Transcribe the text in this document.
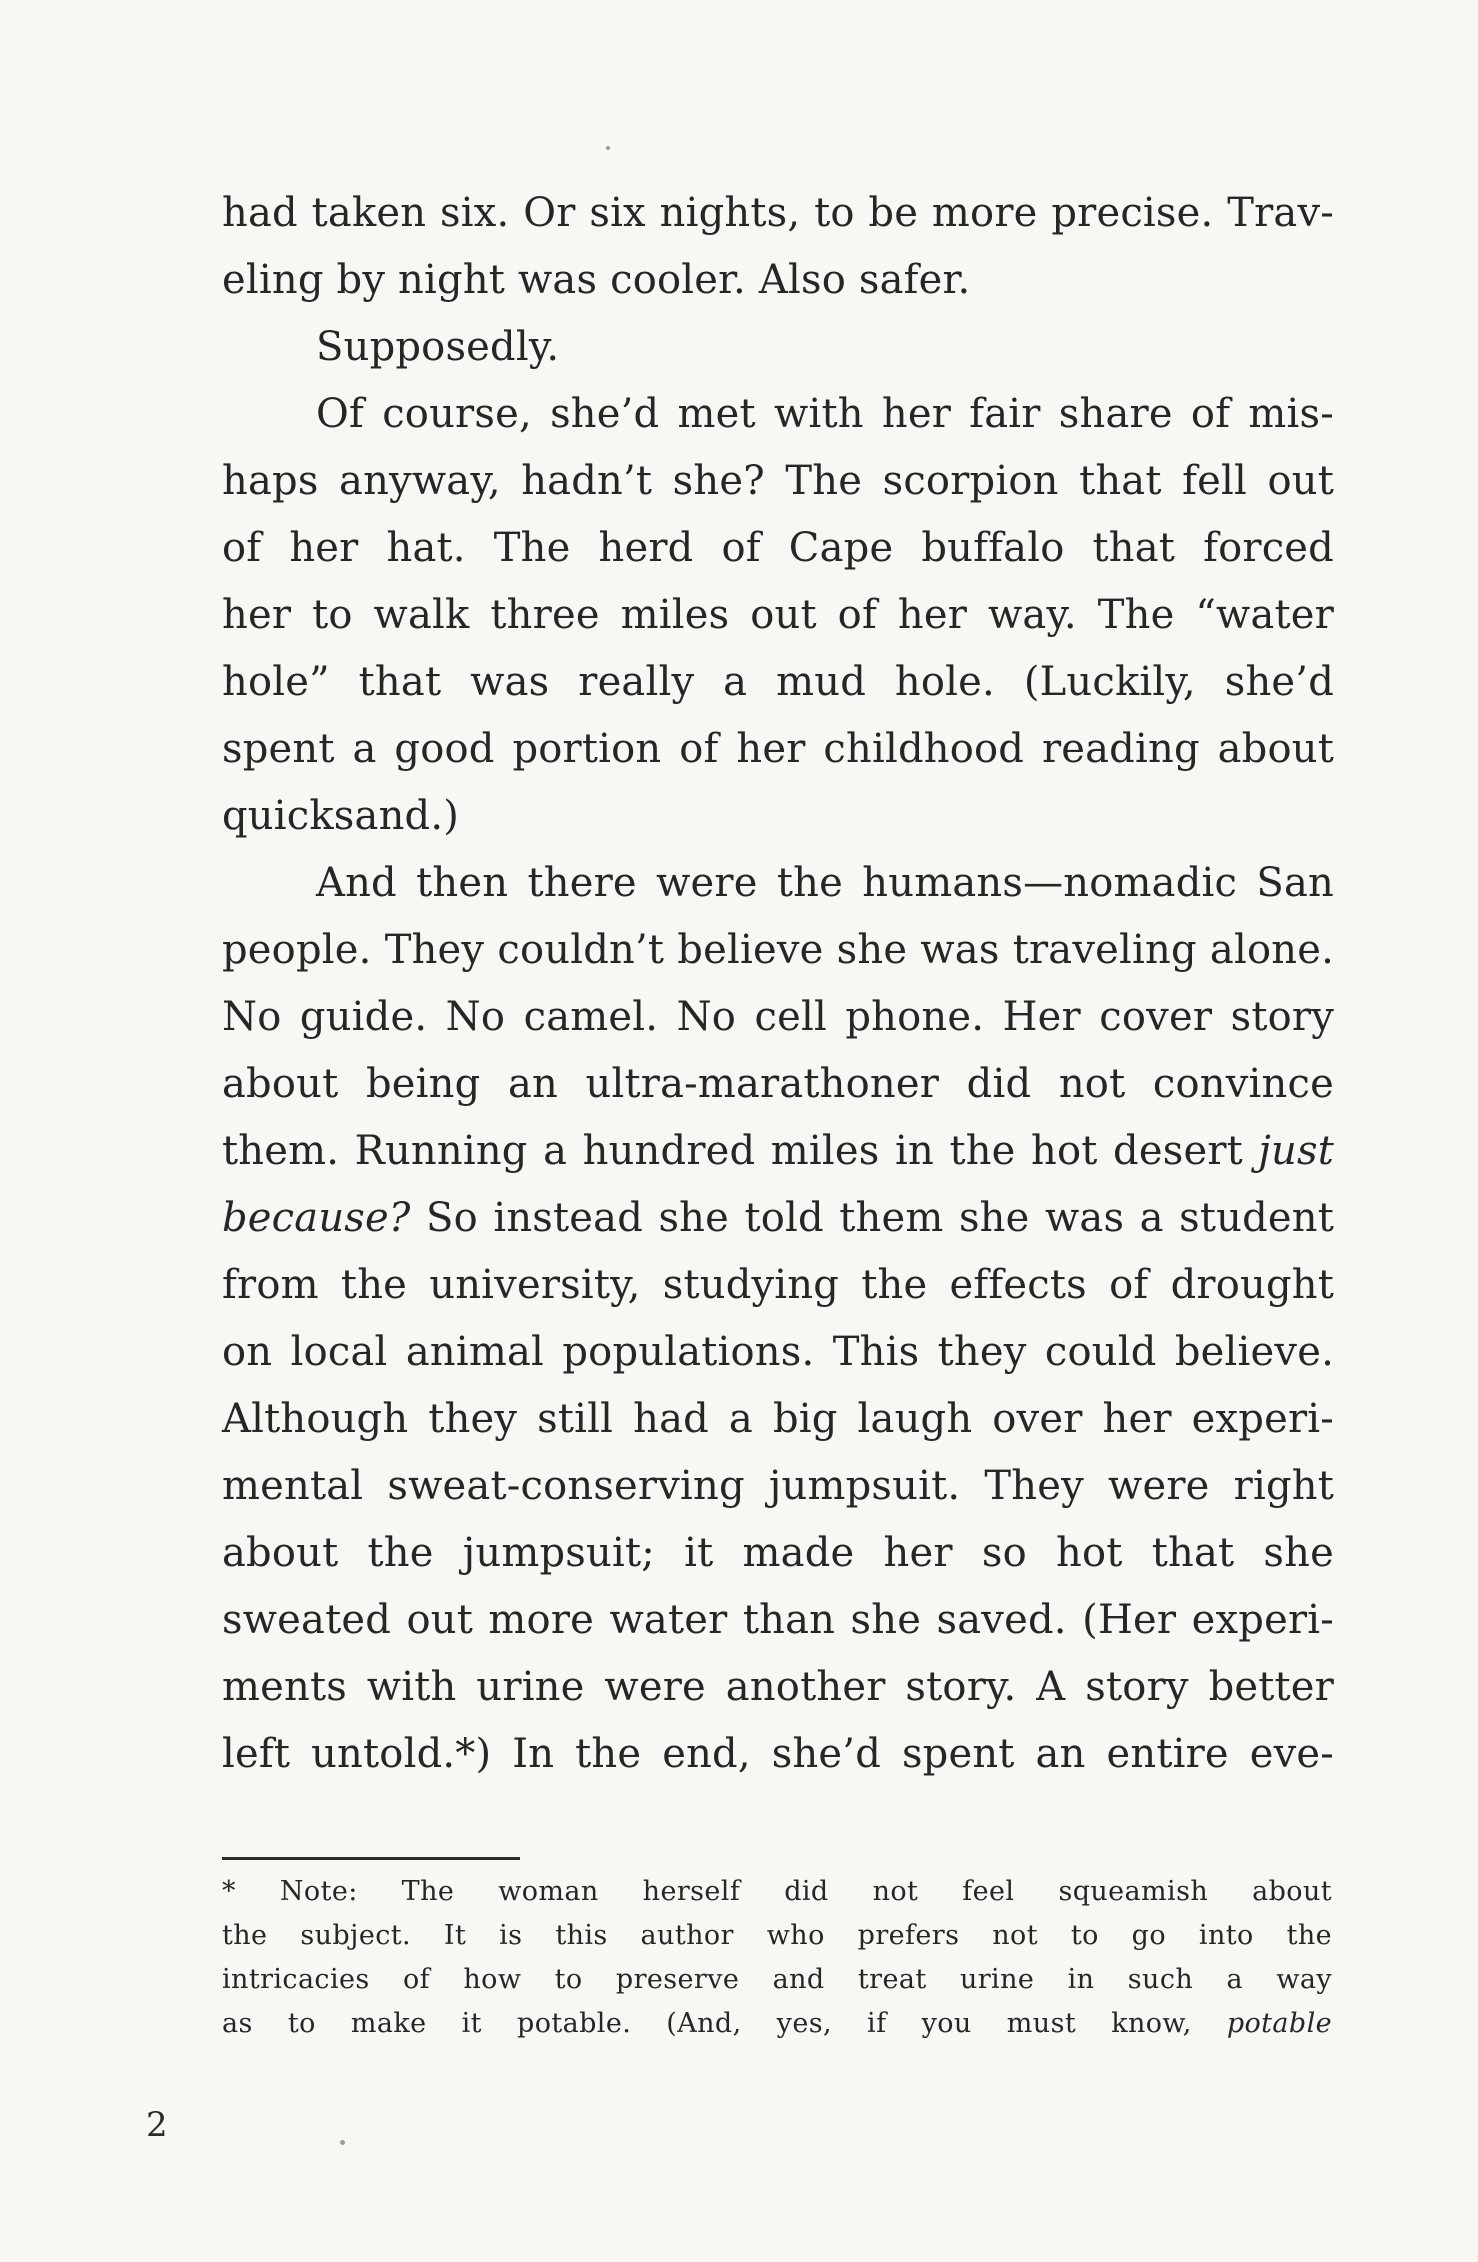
had taken six. Or six nights, to be more precise. Trav-
eling by night was cooler. Also safer.
Supposedly.
Of course, she’d met with her fair share of mis-
haps anyway, hadn’t she? The scorpion that fell out
of her hat. The herd of Cape buffalo that forced
her to walk three miles out of her way. The “water
hole” that was really a mud hole. (Luckily, she’d
spent a good portion of her childhood reading about
quicksand.)
And then there were the humans—nomadic San
people. They couldn’t believe she was traveling alone.
No guide. No camel. No cell phone. Her cover story
about being an ultra-marathoner did not convince
them. Running a hundred miles in the hot desert just
because? So instead she told them she was a student
from the university, studying the effects of drought
on local animal populations. This they could believe.
Although they still had a big laugh over her experi-
mental sweat-conserving jumpsuit. They were right
about the jumpsuit; it made her so hot that she
sweated out more water than she saved. (Her experi-
ments with urine were another story. A story better
left untold.*) In the end, she’d spent an entire eve-
* Note: The woman herself did not feel squeamish about
the subject. It is this author who prefers not to go into the
intricacies of how to preserve and treat urine in such a way
as to make it potable. (And, yes, if you must know, potable
2
